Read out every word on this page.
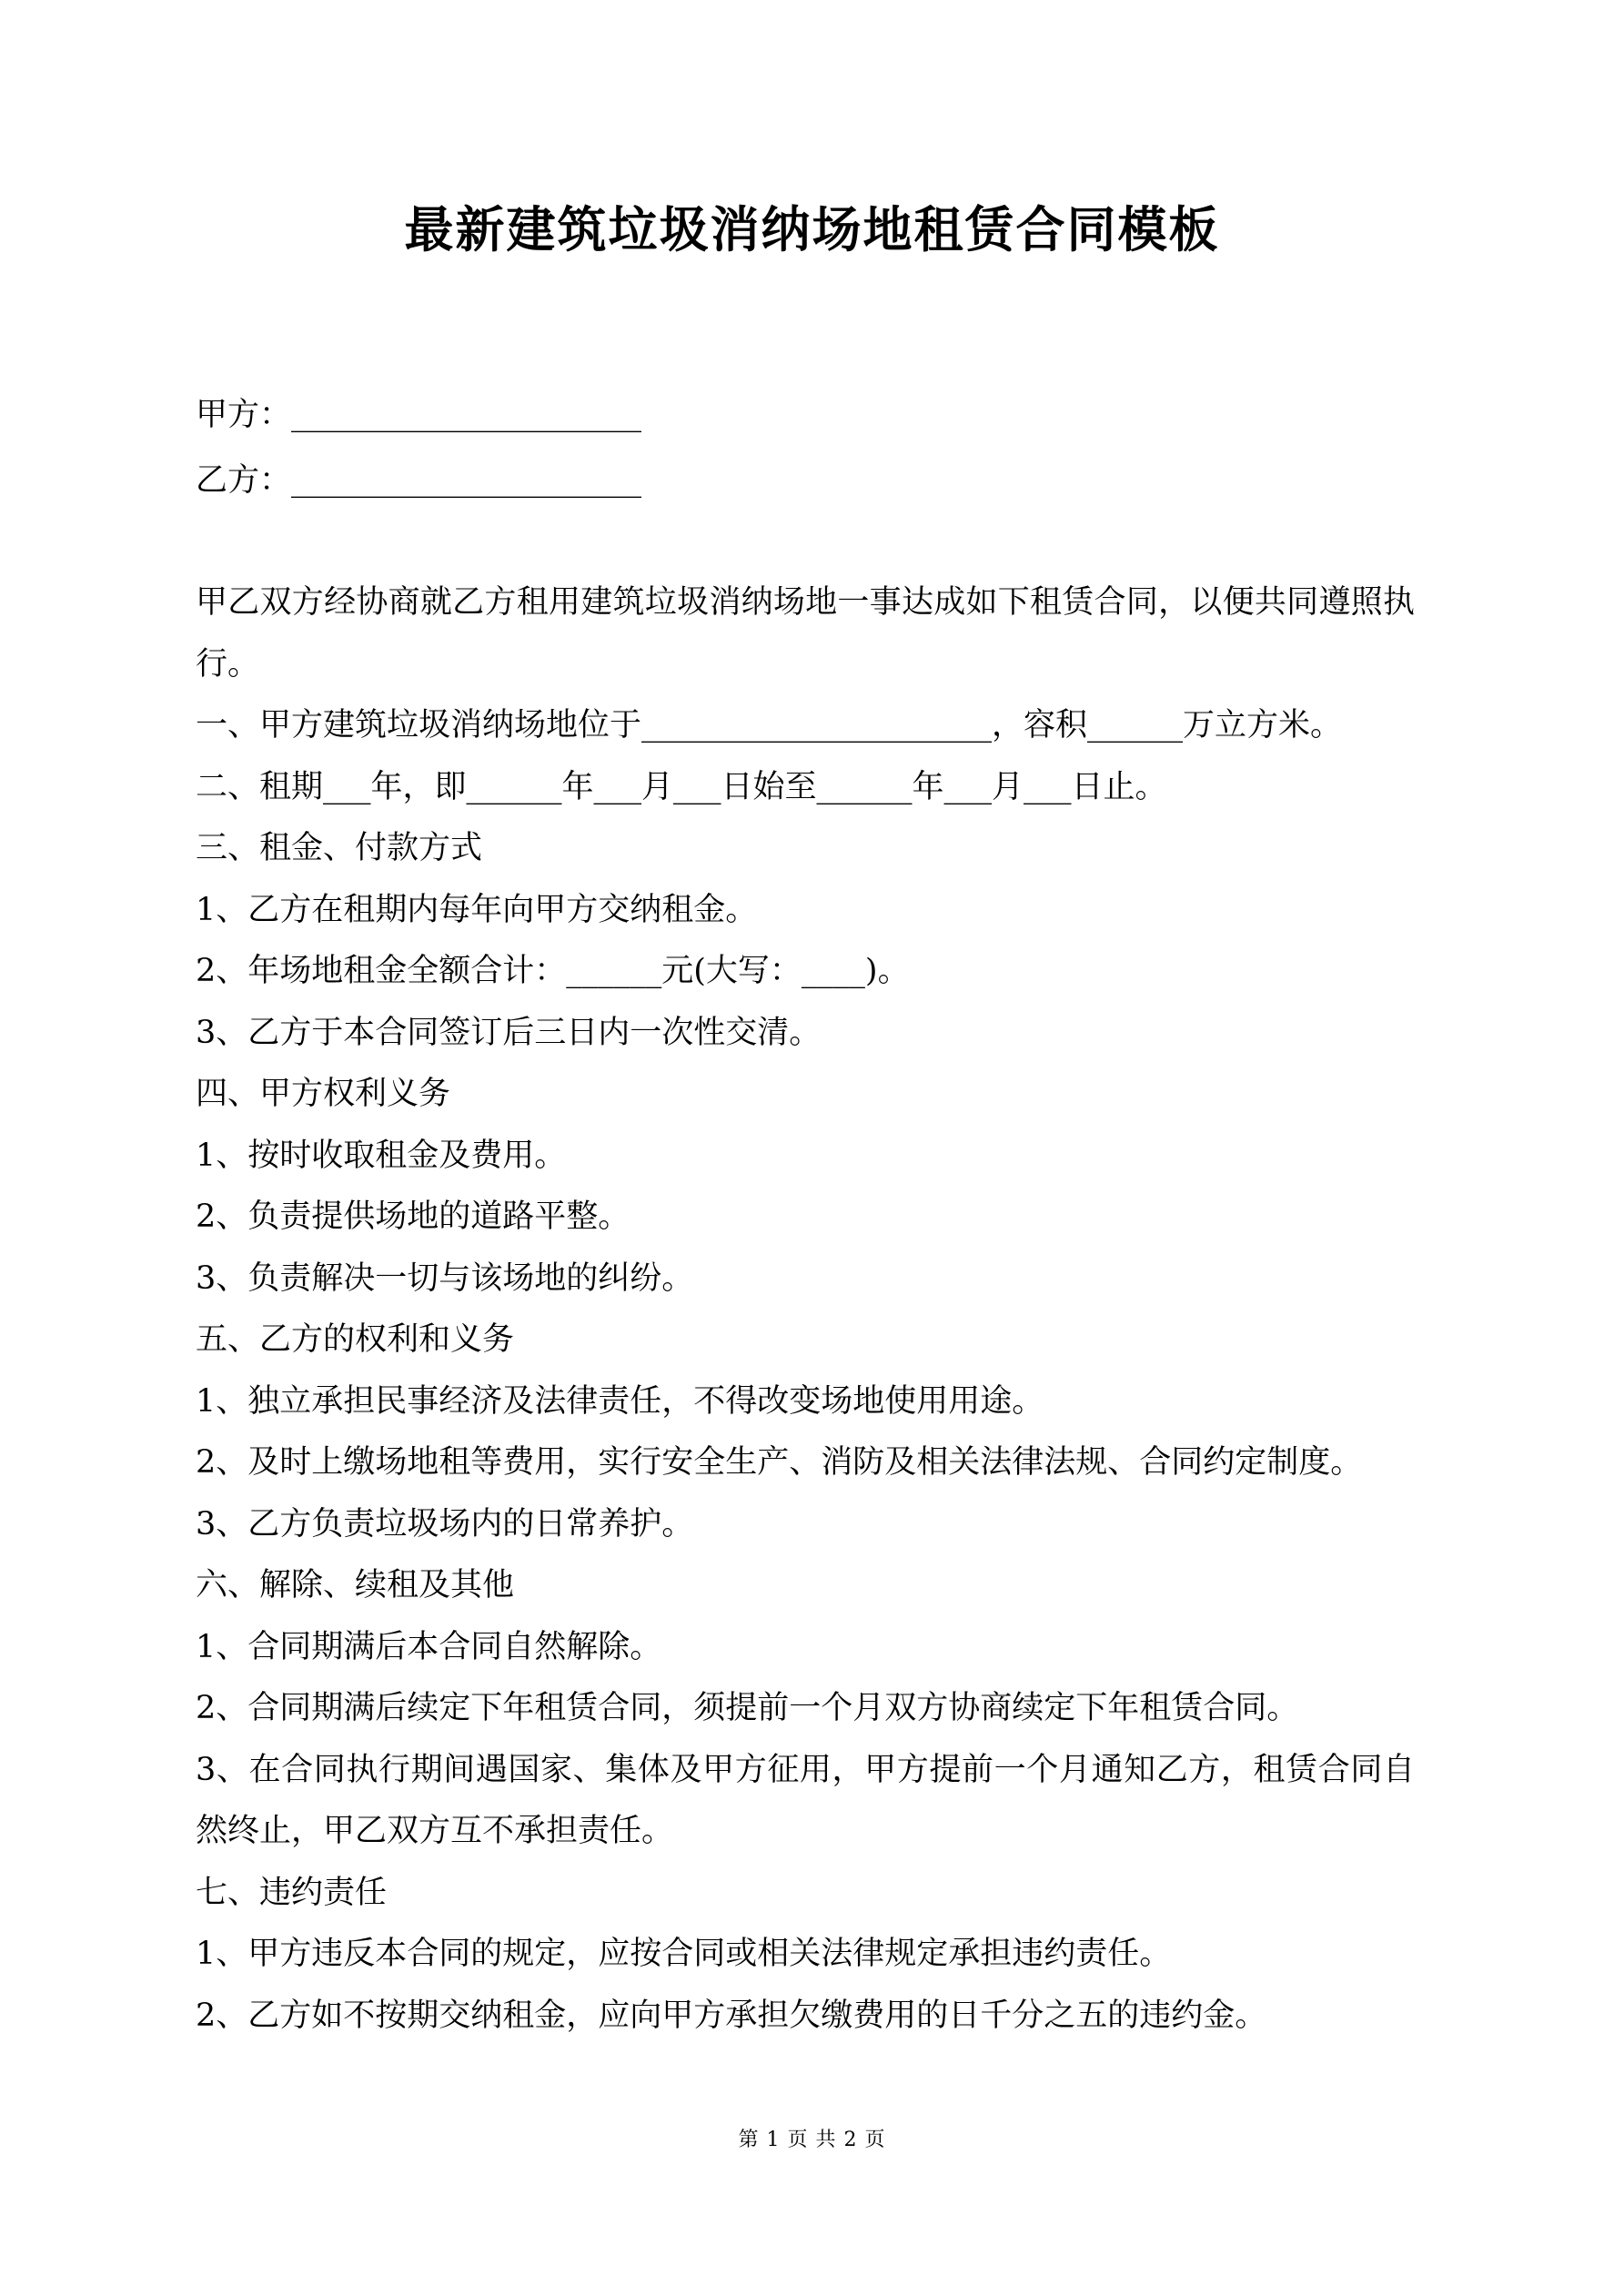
最新建筑垃圾消纳场地租赁合同模板

甲方：______________________

乙方：______________________

甲乙双方经协商就乙方租用建筑垃圾消纳场地一事达成如下租赁合同，以便共同遵照执行。

一、甲方建筑垃圾消纳场地位于______________________，容积______万立方米。

二、租期___年，即______年___月___日始至______年___月___日止。

三、租金、付款方式

1、乙方在租期内每年向甲方交纳租金。

2、年场地租金全额合计：______元(大写：____)。

3、乙方于本合同签订后三日内一次性交清。

四、甲方权利义务

1、按时收取租金及费用。

2、负责提供场地的道路平整。

3、负责解决一切与该场地的纠纷。

五、乙方的权利和义务

1、独立承担民事经济及法律责任，不得改变场地使用用途。

2、及时上缴场地租等费用，实行安全生产、消防及相关法律法规、合同约定制度。

3、乙方负责垃圾场内的日常养护。

六、解除、续租及其他

1、合同期满后本合同自然解除。

2、合同期满后续定下年租赁合同，须提前一个月双方协商续定下年租赁合同。

3、在合同执行期间遇国家、集体及甲方征用，甲方提前一个月通知乙方，租赁合同自然终止，甲乙双方互不承担责任。

七、违约责任

1、甲方违反本合同的规定，应按合同或相关法律规定承担违约责任。

2、乙方如不按期交纳租金，应向甲方承担欠缴费用的日千分之五的违约金。

第 1 页 共 2 页
